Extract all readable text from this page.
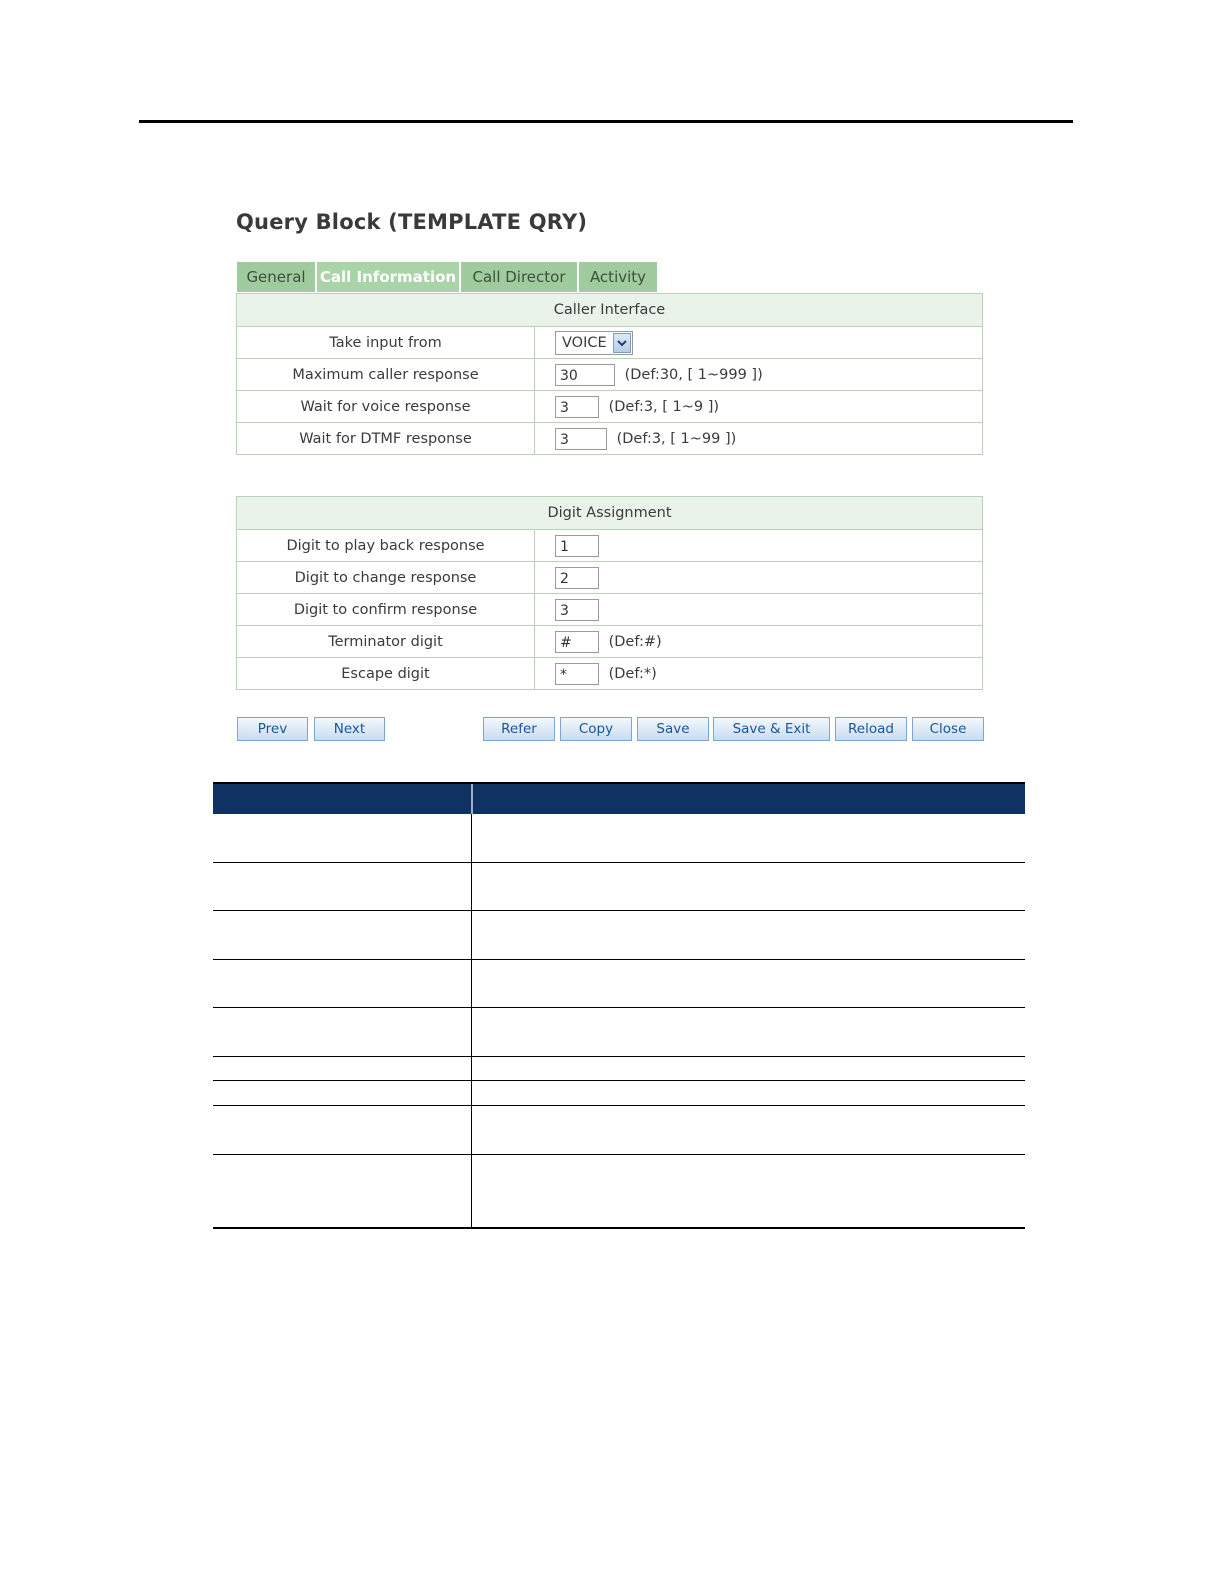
Query Block (TEMPLATE QRY)
General Call Information	Call Director	Activity
Caller Interface	
Take input from	VOICE

Maximum caller response	30 (Def:30, [ 1~999 ])
Wait for voice response	3 (Def:3, [ 1~9 ])
Wait for DTMF response	3 (Def:3, [ 1~99 ])
Digit Assignment	
Digit to play back response	1
Digit to change response	2
Digit to confirm response	3
Terminator digit	# (Def:#)
Escape digit	* (Def:*)
Prev	Next	Refer	Copy	Save	Save & Exit	Reload	Close
